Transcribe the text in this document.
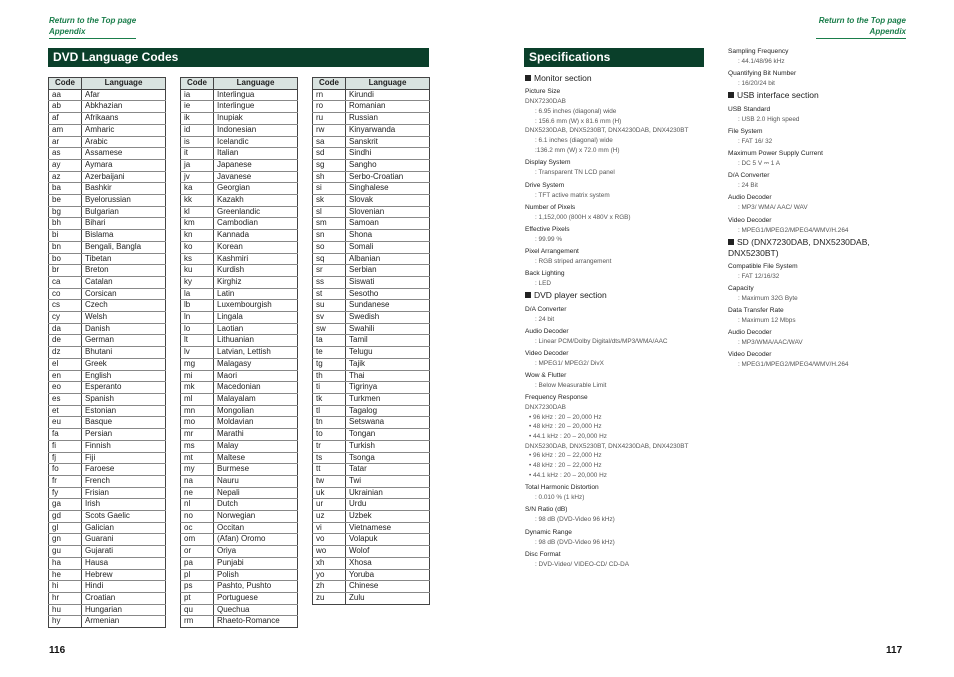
Return to the Top page
Appendix
Return to the Top page
Appendix
DVD Language Codes
Code	Language
aa	Afar
ab	Abkhazian
af	Afrikaans
am	Amharic
ar	Arabic
as	Assamese
ay	Aymara
az	Azerbaijani
ba	Bashkir
be	Byelorussian
bg	Bulgarian
bh	Bihari
bi	Bislama
bn	Bengali, Bangla
bo	Tibetan
br	Breton
ca	Catalan
co	Corsican
cs	Czech
cy	Welsh
da	Danish
de	German
dz	Bhutani
el	Greek
en	English
eo	Esperanto
es	Spanish
et	Estonian
eu	Basque
fa	Persian
fi	Finnish
fj	Fiji
fo	Faroese
fr	French
fy	Frisian
ga	Irish
gd	Scots Gaelic
gl	Galician
gn	Guarani
gu	Gujarati
ha	Hausa
he	Hebrew
hi	Hindi
hr	Croatian
hu	Hungarian
hy	Armenian
Code	Language
ia	Interlingua
ie	Interlingue
ik	Inupiak
id	Indonesian
is	Icelandic
it	Italian
ja	Japanese
jv	Javanese
ka	Georgian
kk	Kazakh
kl	Greenlandic
km	Cambodian
kn	Kannada
ko	Korean
ks	Kashmiri
ku	Kurdish
ky	Kirghiz
la	Latin
lb	Luxembourgish
ln	Lingala
lo	Laotian
lt	Lithuanian
lv	Latvian, Lettish
mg	Malagasy
mi	Maori
mk	Macedonian
ml	Malayalam
mn	Mongolian
mo	Moldavian
mr	Marathi
ms	Malay
mt	Maltese
my	Burmese
na	Nauru
ne	Nepali
nl	Dutch
no	Norwegian
oc	Occitan
om	(Afan) Oromo
or	Oriya
pa	Punjabi
pl	Polish
ps	Pashto, Pushto
pt	Portuguese
qu	Quechua
rm	Rhaeto-Romance
Code	Language
rn	Kirundi
ro	Romanian
ru	Russian
rw	Kinyarwanda
sa	Sanskrit
sd	Sindhi
sg	Sangho
sh	Serbo-Croatian
si	Singhalese
sk	Slovak
sl	Slovenian
sm	Samoan
sn	Shona
so	Somali
sq	Albanian
sr	Serbian
ss	Siswati
st	Sesotho
su	Sundanese
sv	Swedish
sw	Swahili
ta	Tamil
te	Telugu
tg	Tajik
th	Thai
ti	Tigrinya
tk	Turkmen
tl	Tagalog
tn	Setswana
to	Tongan
tr	Turkish
ts	Tsonga
tt	Tatar
tw	Twi
uk	Ukrainian
ur	Urdu
uz	Uzbek
vi	Vietnamese
vo	Volapuk
wo	Wolof
xh	Xhosa
yo	Yoruba
zh	Chinese
zu	Zulu
116
Specifications
Monitor section
Picture Size
DNX7230DAB
: 6.95 inches (diagonal) wide
: 156.6 mm (W) x 81.6 mm (H)
DNX5230DAB, DNX5230BT, DNX4230DAB, DNX4230BT
: 6.1 inches (diagonal) wide
:136.2 mm (W) x 72.0 mm (H)
Display System
: Transparent TN LCD panel
Drive System
: TFT active matrix system
Number of Pixels
: 1,152,000 (800H x 480V x RGB)
Effective Pixels
: 99.99 %
Pixel Arrangement
: RGB striped arrangement
Back Lighting
: LED
DVD player section
D/A Converter
: 24 bit
Audio Decoder
: Linear PCM/Dolby Digital/dts/MP3/WMA/AAC
Video Decoder
: MPEG1/ MPEG2/ DivX
Wow & Flutter
: Below Measurable Limit
Frequency Response
DNX7230DAB
• 96 kHz : 20 – 20,000 Hz
• 48 kHz : 20 – 20,000 Hz
• 44.1 kHz : 20 – 20,000 Hz
DNX5230DAB, DNX5230BT, DNX4230DAB, DNX4230BT
• 96 kHz : 20 – 22,000 Hz
• 48 kHz : 20 – 22,000 Hz
• 44.1 kHz : 20 – 20,000 Hz
Total Harmonic Distortion
: 0.010 % (1 kHz)
S/N Ratio (dB)
: 98 dB (DVD-Video 96 kHz)
Dynamic Range
: 98 dB (DVD-Video 96 kHz)
Disc Format
: DVD-Video/ VIDEO-CD/ CD-DA
Sampling Frequency
: 44.1/48/96 kHz
Quantifying Bit Number
: 16/20/24 bit
USB interface section
USB Standard
: USB 2.0 High speed
File System
: FAT 16/ 32
Maximum Power Supply Current
: DC 5 V ⎓ 1 A
D/A Converter
: 24 Bit
Audio Decoder
: MP3/ WMA/ AAC/ WAV
Video Decoder
: MPEG1/MPEG2/MPEG4/WMV/H.264
SD (DNX7230DAB, DNX5230DAB, DNX5230BT)
Compatible File System
: FAT 12/16/32
Capacity
: Maximum 32G Byte
Data Transfer Rate
: Maximum 12 Mbps
Audio Decoder
: MP3/WMA/AAC/WAV
Video Decoder
: MPEG1/MPEG2/MPEG4/WMV/H.264
117
